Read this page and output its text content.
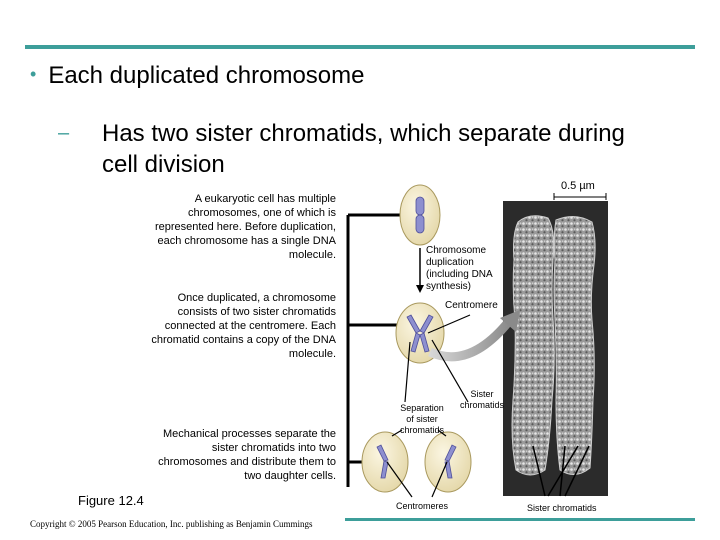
• Each duplicated chromosome
– Has two sister chromatids, which separate during cell division
A eukaryotic cell has multiple chromosomes, one of which is represented here. Before duplication, each chromosome has a single DNA molecule.
Once duplicated, a chromosome consists of two sister chromatids connected at the centromere. Each chromatid contains a copy of the DNA molecule.
Mechanical processes separate the sister chromatids into two chromosomes and distribute them to two daughter cells.
0.5 µm
Chromosome duplication (including DNA synthesis)
Centromere
Sister chromatids
Separation of sister chromatids
Centromeres	Sister chromatids
Figure 12.4
Copyright © 2005 Pearson Education, Inc. publishing as Benjamin Cummings
